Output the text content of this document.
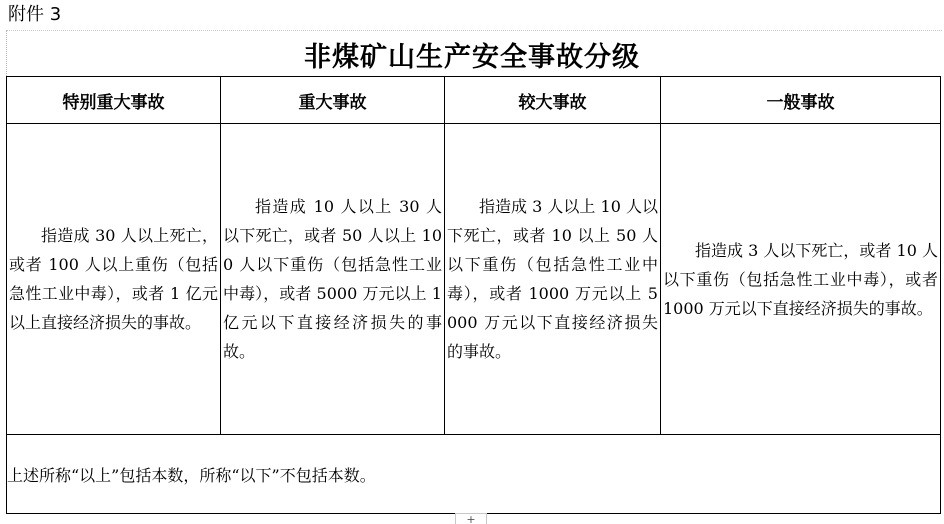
附件 3
非煤矿山生产安全事故分级
特别重大事故	重大事故	较大事故	一般事故

指造成 30 人以上死亡，或者 100 人以上重伤（包括急性工业中毒），或者 1 亿元以上直接经济损失的事故。	指造成 10 人以上 30 人以下死亡，或者 50 人以上 100 人以下重伤（包括急性工业中毒），或者 5000 万元以上 1 亿元以下直接经济损失的事故。	指造成 3 人以上 10 人以下死亡，或者 10 以上 50 人以下重伤（包括急性工业中毒），或者 1000 万元以上 5000 万元以下直接经济损失的事故。	指造成 3 人以下死亡，或者 10 人以下重伤（包括急性工业中毒），或者 1000 万元以下直接经济损失的事故。

上述所称“以上”包括本数，所称“以下”不包括本数。			
+
